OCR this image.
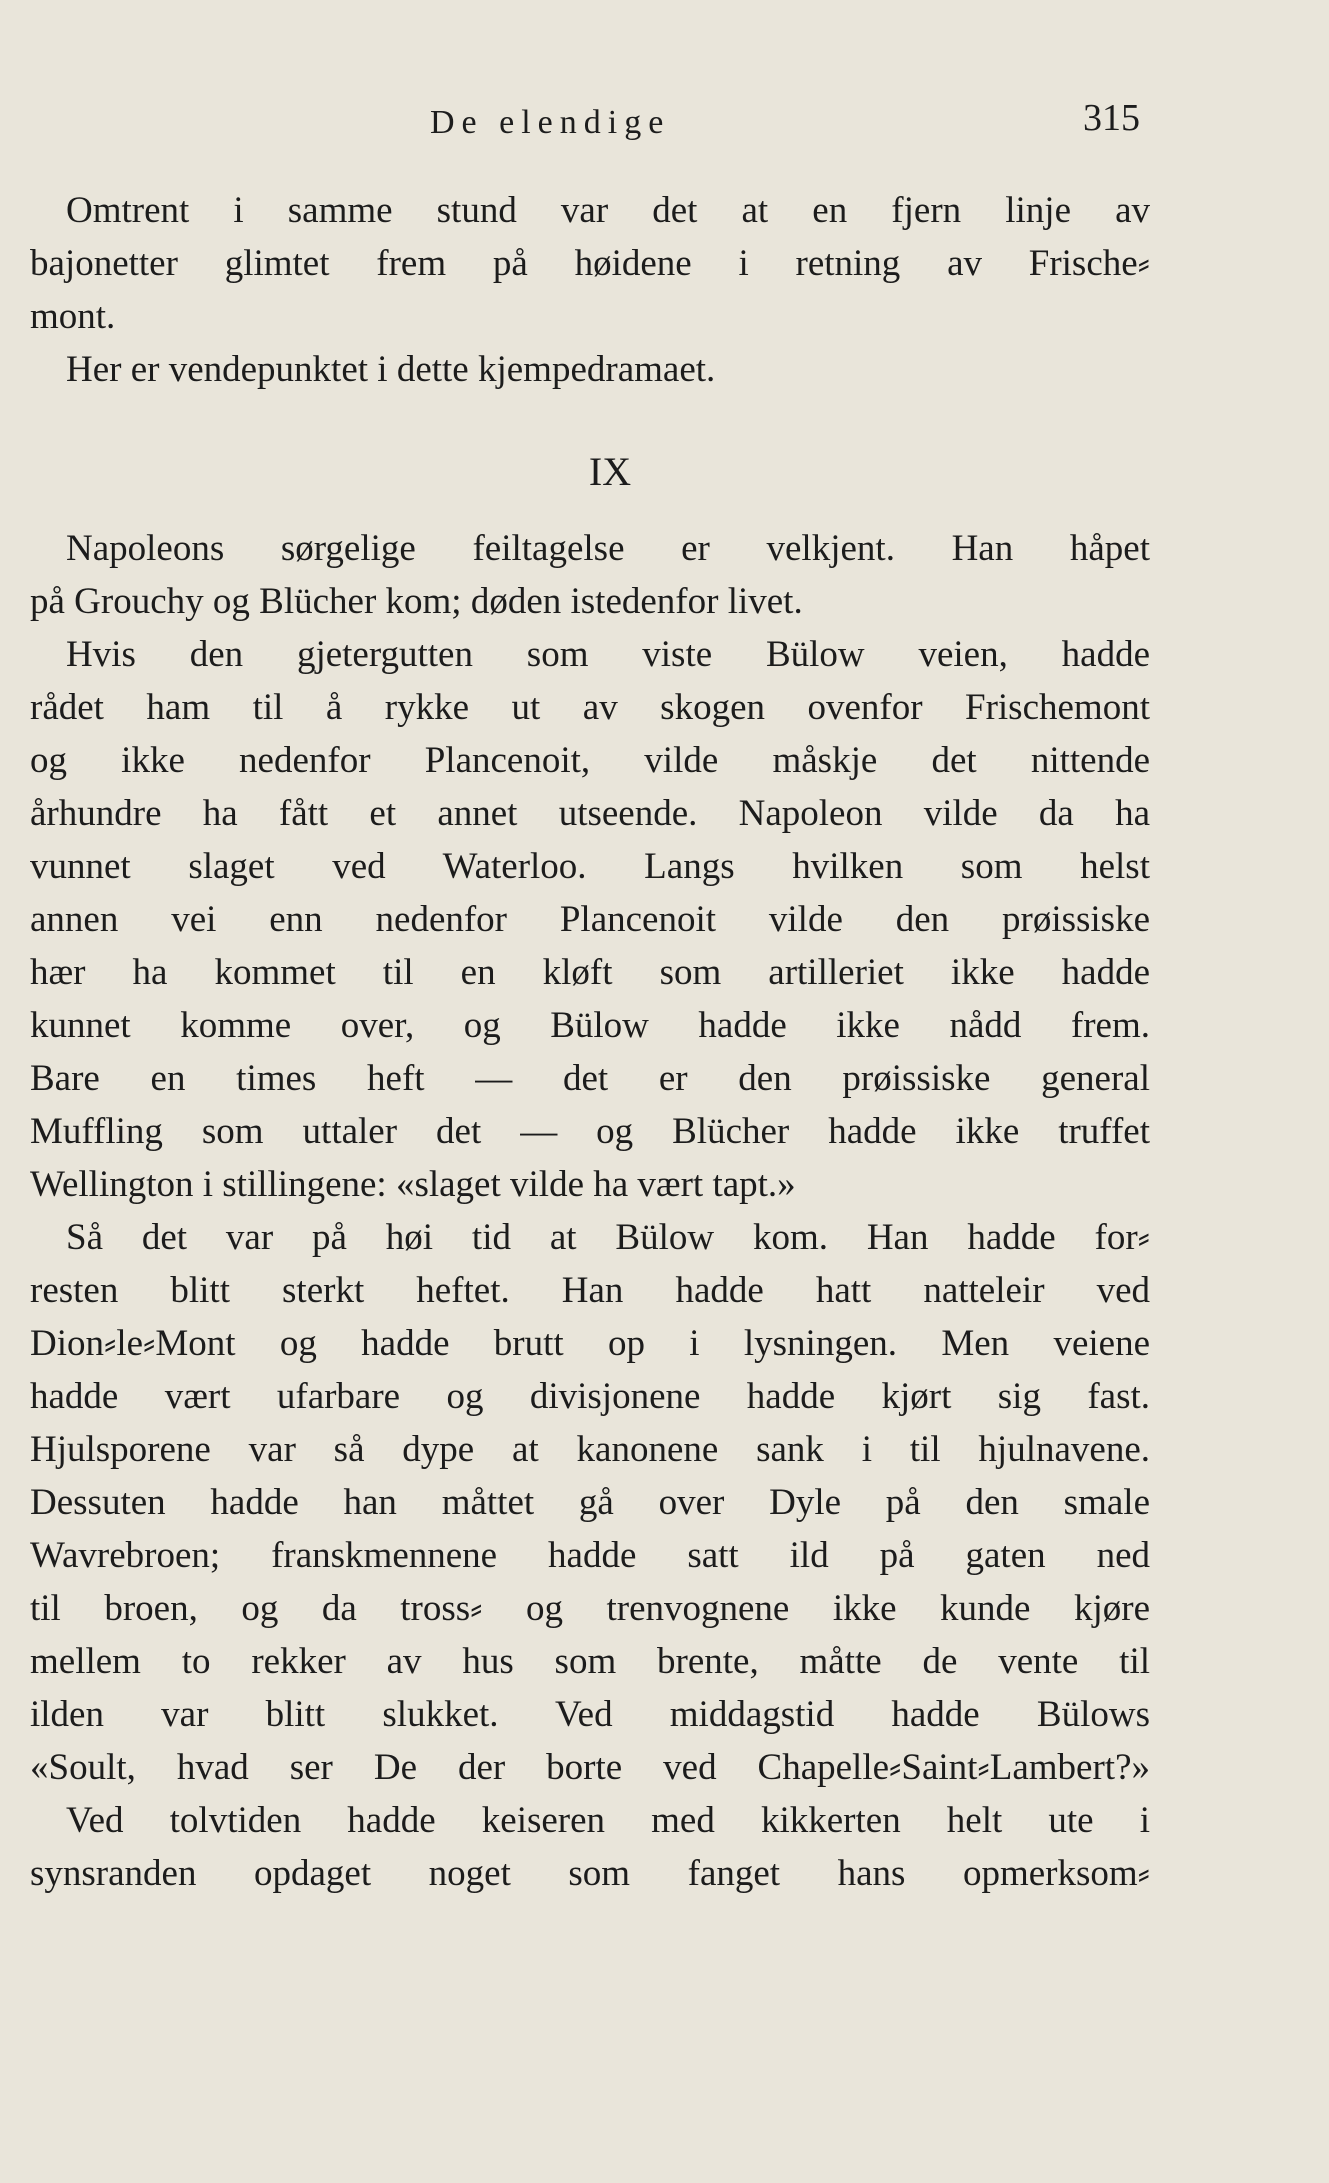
De elendige	315
Omtrent i samme stund var det at en fjern linje av
bajonetter glimtet frem på høidene i retning av Frische⸗
mont.
Her er vendepunktet i dette kjempedramaet.
IX
Napoleons sørgelige feiltagelse er velkjent. Han håpet
på Grouchy og Blücher kom; døden istedenfor livet.
Hvis den gjetergutten som viste Bülow veien, hadde
rådet ham til å rykke ut av skogen ovenfor Frischemont
og ikke nedenfor Plancenoit, vilde måskje det nittende
århundre ha fått et annet utseende. Napoleon vilde da ha
vunnet slaget ved Waterloo. Langs hvilken som helst
annen vei enn nedenfor Plancenoit vilde den prøissiske
hær ha kommet til en kløft som artilleriet ikke hadde
kunnet komme over, og Bülow hadde ikke nådd frem.
Bare en times heft — det er den prøissiske general
Muffling som uttaler det — og Blücher hadde ikke truffet
Wellington i stillingene: «slaget vilde ha vært tapt.»
Så det var på høi tid at Bülow kom. Han hadde for⸗
resten blitt sterkt heftet. Han hadde hatt natteleir ved
Dion⸗le⸗Mont og hadde brutt op i lysningen. Men veiene
hadde vært ufarbare og divisjonene hadde kjørt sig fast.
Hjulsporene var så dype at kanonene sank i til hjulnavene.
Dessuten hadde han måttet gå over Dyle på den smale
Wavrebroen; franskmennene hadde satt ild på gaten ned
til broen, og da tross⸗ og trenvognene ikke kunde kjøre
mellem to rekker av hus som brente, måtte de vente til
ilden var blitt slukket. Ved middagstid hadde Bülows
«Soult, hvad ser De der borte ved Chapelle⸗Saint⸗Lambert?»
Ved tolvtiden hadde keiseren med kikkerten helt ute i
synsranden opdaget noget som fanget hans opmerksom⸗
